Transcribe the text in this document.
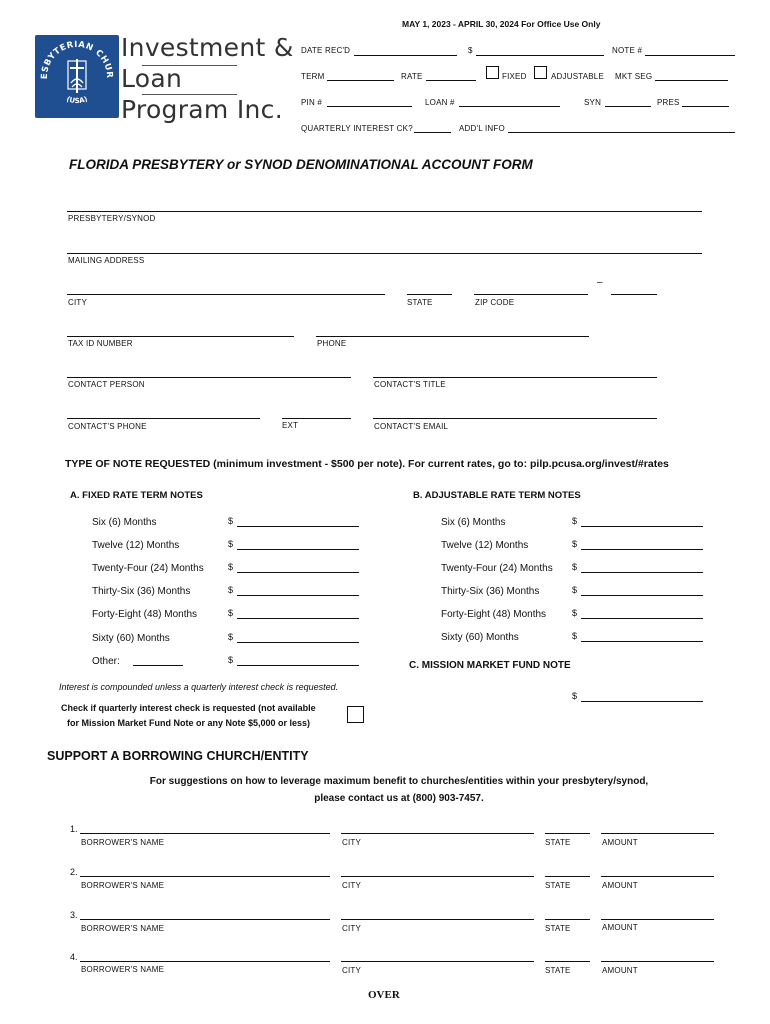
ESBYTERIAN CHUR
(USA)
Investment &
Loan
Program Inc.
MAY 1, 2023 - APRIL 30, 2024 For Office Use Only
DATE REC'D	$	NOTE #
TERM	RATE	FIXED	ADJUSTABLE MKT SEG
PIN #	LOAN #	SYN	PRES
QUARTERLY INTEREST CK?	ADD'L INFO
FLORIDA PRESBYTERY or SYNOD DENOMINATIONAL ACCOUNT FORM
PRESBYTERY/SYNOD
MAILING ADDRESS
CITY	STATE	ZIP CODE
–
TAX ID NUMBER	PHONE
CONTACT PERSON	CONTACT'S TITLE
CONTACT'S PHONE	EXT	CONTACT'S EMAIL
TYPE OF NOTE REQUESTED (minimum investment - $500 per note). For current rates, go to: pilp.pcusa.org/invest/#rates
A. FIXED RATE TERM NOTES	B. ADJUSTABLE RATE TERM NOTES
Six (6) Months	$
Twelve (12) Months	$
Twenty-Four (24) Months	$
Thirty-Six (36) Months	$
Forty-Eight (48) Months	$
Sixty (60) Months	$
Other:	$
Six (6) Months	$
Twelve (12) Months	$
Twenty-Four (24) Months $
Thirty-Six (36) Months	$
Forty-Eight (48) Months	$
Sixty (60) Months	$
C. MISSION MARKET FUND NOTE
$
Interest is compounded unless a quarterly interest check is requested.
Check if quarterly interest check is requested (not available
for Mission Market Fund Note or any Note $5,000 or less)
SUPPORT A BORROWING CHURCH/ENTITY
For suggestions on how to leverage maximum benefit to churches/entities within your presbytery/synod,
please contact us at (800) 903-7457.
1.
BORROWER'S NAME	CITY	STATE	AMOUNT
2.
BORROWER'S NAME	CITY	STATE	AMOUNT
3.
BORROWER'S NAME	CITY	STATE	AMOUNT
4.
BORROWER'S NAME	CITY	STATE	AMOUNT
OVER
